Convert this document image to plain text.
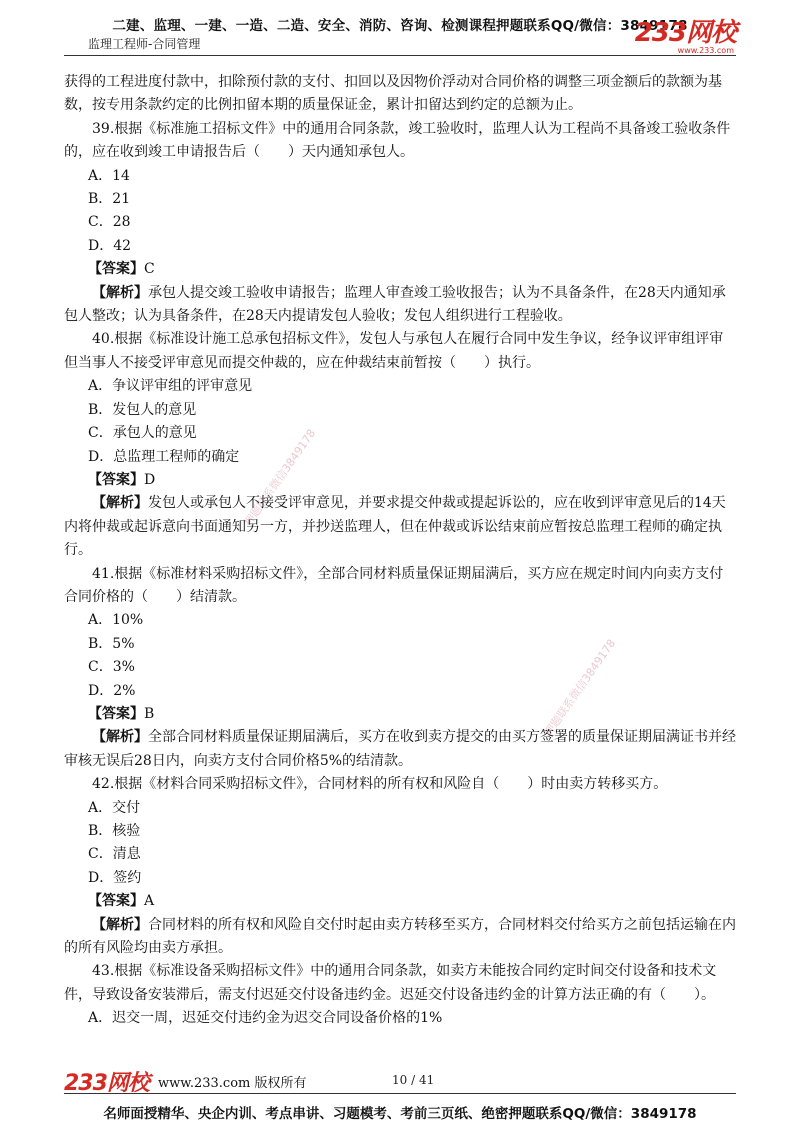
二建、监理、一建、一造、二造、安全、消防、咨询、检测课程押题联系QQ/微信：3849178
监理工程师-合同管理	233网校
www.233.com
押题联系微信3849178
押题联系微信3849178

获得的工程进度付款中，扣除预付款的支付、扣回以及因物价浮动对合同价格的调整三项金额后的款额为基数，按专用条款约定的比例扣留本期的质量保证金，累计扣留达到约定的总额为止。

39.根据《标准施工招标文件》中的通用合同条款，竣工验收时，监理人认为工程尚不具备竣工验收条件的，应在收到竣工申请报告后（　　）天内通知承包人。

A．14

B．21

C．28

D．42

【答案】C

【解析】承包人提交竣工验收申请报告；监理人审查竣工验收报告；认为不具备条件，在28天内通知承包人整改；认为具备条件，在28天内提请发包人验收；发包人组织进行工程验收。

40.根据《标准设计施工总承包招标文件》，发包人与承包人在履行合同中发生争议，经争议评审组评审但当事人不接受评审意见而提交仲裁的，应在仲裁结束前暂按（　　）执行。

A．争议评审组的评审意见

B．发包人的意见

C．承包人的意见

D．总监理工程师的确定

【答案】D

【解析】发包人或承包人不接受评审意见，并要求提交仲裁或提起诉讼的，应在收到评审意见后的14天内将仲裁或起诉意向书面通知另一方，并抄送监理人，但在仲裁或诉讼结束前应暂按总监理工程师的确定执行。

41.根据《标准材料采购招标文件》，全部合同材料质量保证期届满后，买方应在规定时间内向卖方支付合同价格的（　　）结清款。

A．10%

B．5%

C．3%

D．2%

【答案】B

【解析】全部合同材料质量保证期届满后，买方在收到卖方提交的由买方签署的质量保证期届满证书并经审核无误后28日内，向卖方支付合同价格5%的结清款。

42.根据《材料合同采购招标文件》，合同材料的所有权和风险自（　　）时由卖方转移买方。

A．交付

B．核验

C．清息

D．签约

【答案】A

【解析】合同材料的所有权和风险自交付时起由卖方转移至买方，合同材料交付给买方之前包括运输在内的所有风险均由卖方承担。

43.根据《标准设备采购招标文件》中的通用合同条款，如卖方未能按合同约定时间交付设备和技术文件，导致设备安装滞后，需支付迟延交付设备违约金。迟延交付设备违约金的计算方法正确的有（　　）。

A．迟交一周，迟延交付违约金为迟交合同设备价格的1%

233网校 www.233.com 版权所有	10 / 41
名师面授精华、央企内训、考点串讲、习题模考、考前三页纸、绝密押题联系QQ/微信：3849178
